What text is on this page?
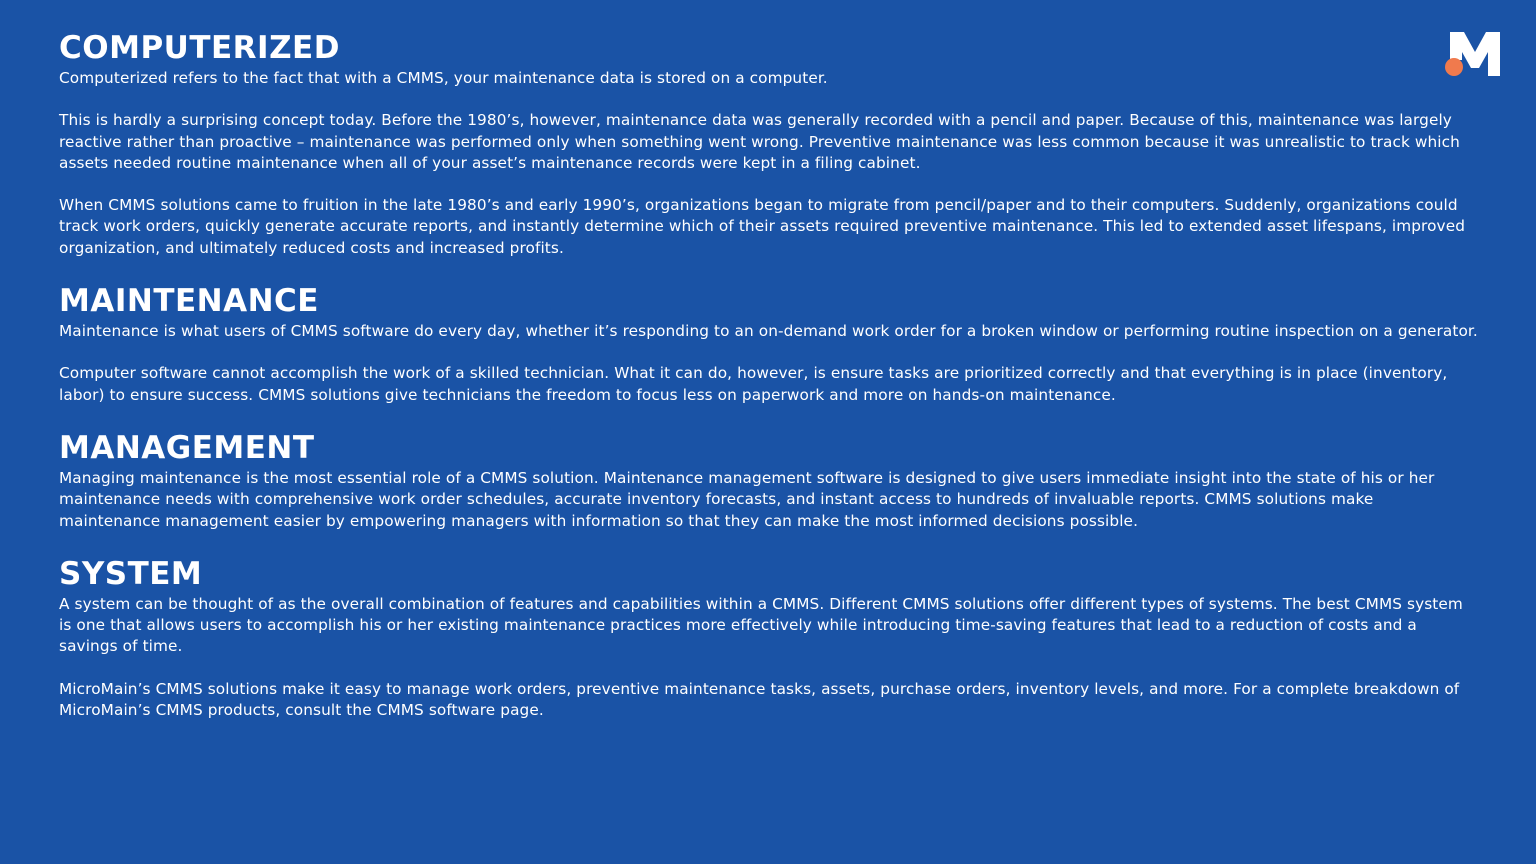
COMPUTERIZED

Computerized refers to the fact that with a CMMS, your maintenance data is stored on a computer.

This is hardly a surprising concept today. Before the 1980’s, however, maintenance data was generally recorded with a pencil and paper. Because of this, maintenance was largely reactive rather than proactive – maintenance was performed only when something went wrong. Preventive maintenance was less common because it was unrealistic to track which assets needed routine maintenance when all of your asset’s maintenance records were kept in a filing cabinet.

When CMMS solutions came to fruition in the late 1980’s and early 1990’s, organizations began to migrate from pencil/paper and to their computers. Suddenly, organizations could track work orders, quickly generate accurate reports, and instantly determine which of their assets required preventive maintenance. This led to extended asset lifespans, improved organization, and ultimately reduced costs and increased profits.

MAINTENANCE

Maintenance is what users of CMMS software do every day, whether it’s responding to an on-demand work order for a broken window or performing routine inspection on a generator.

Computer software cannot accomplish the work of a skilled technician. What it can do, however, is ensure tasks are prioritized correctly and that everything is in place (inventory, labor) to ensure success. CMMS solutions give technicians the freedom to focus less on paperwork and more on hands-on maintenance.

MANAGEMENT

Managing maintenance is the most essential role of a CMMS solution. Maintenance management software is designed to give users immediate insight into the state of his or her maintenance needs with comprehensive work order schedules, accurate inventory forecasts, and instant access to hundreds of invaluable reports. CMMS solutions make maintenance management easier by empowering managers with information so that they can make the most informed decisions possible.

SYSTEM

A system can be thought of as the overall combination of features and capabilities within a CMMS. Different CMMS solutions offer different types of systems. The best CMMS system is one that allows users to accomplish his or her existing maintenance practices more effectively while introducing time-saving features that lead to a reduction of costs and a savings of time.

MicroMain’s CMMS solutions make it easy to manage work orders, preventive maintenance tasks, assets, purchase orders, inventory levels, and more. For a complete breakdown of MicroMain’s CMMS products, consult the CMMS software page.
